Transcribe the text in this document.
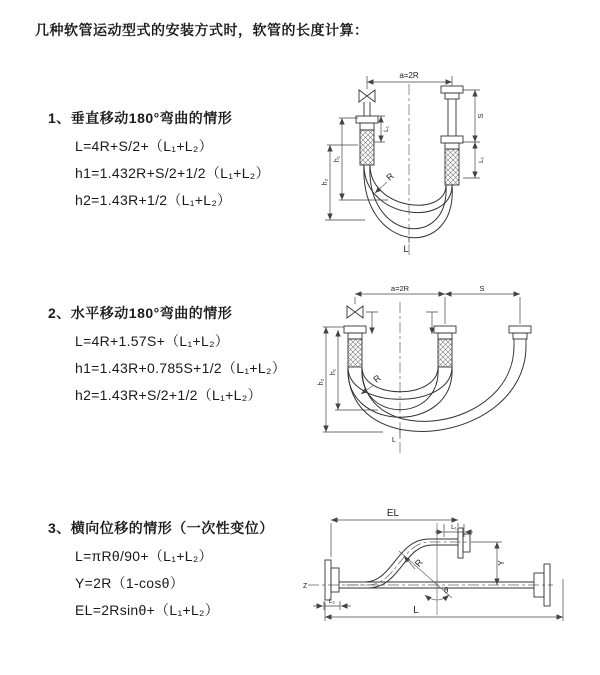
几种软管运动型式的安装方式时，软管的长度计算：
1、垂直移动180°弯曲的情形
L=4R+S/2+（L₁+L₂）
h1=1.432R+S/2+1/2（L₁+L₂）
h2=1.43R+1/2（L₁+L₂）
2、水平移动180°弯曲的情形
L=4R+1.57S+（L₁+L₂）
h1=1.43R+0.785S+1/2（L₁+L₂）
h2=1.43R+S/2+1/2（L₁+L₂）
3、横向位移的情形（一次性变位）
L=πRθ/90+（L₁+L₂）
Y=2R（1-cosθ）
EL=2Rsinθ+（L₁+L₂）
a=2R
h₂
h₁
L₁
S
L₁
R
L
a=2R	S
h₂
h₁
R
L
Z
EL
L₁
θ
R	Y
L₂
L
